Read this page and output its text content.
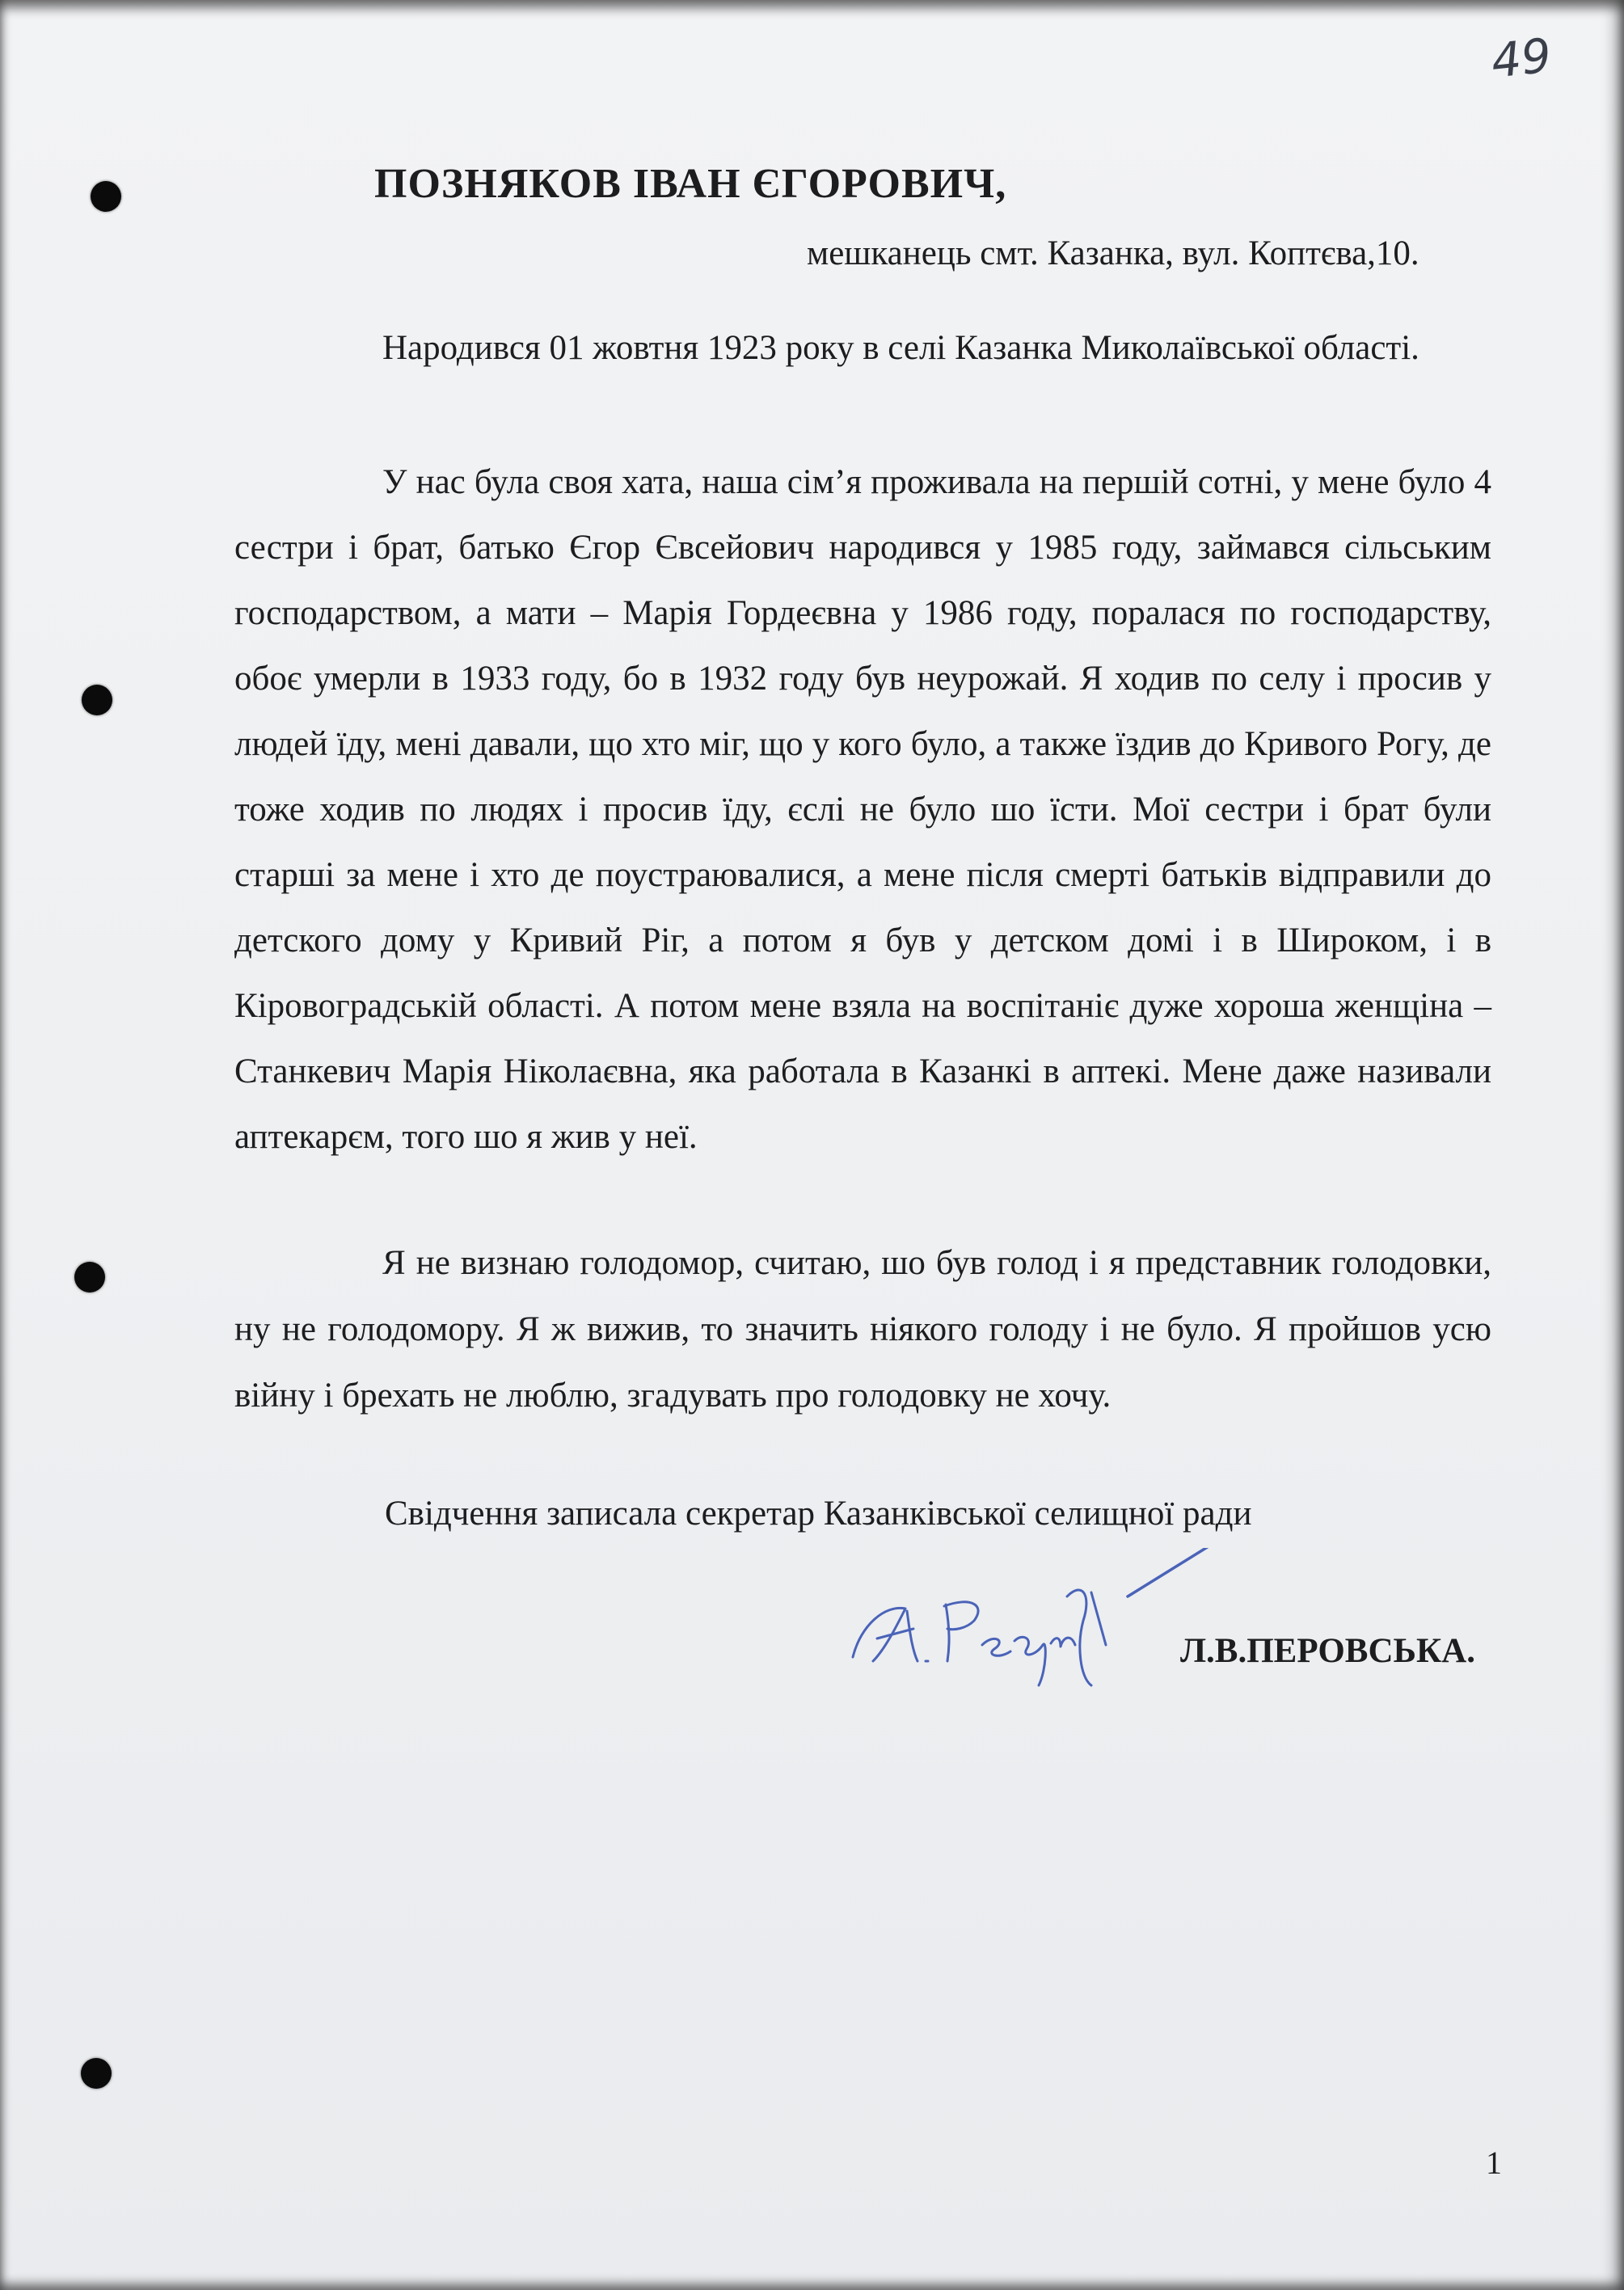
49
ПОЗНЯКОВ ІВАН ЄГОРОВИЧ,
мешканець смт. Казанка, вул. Коптєва,10.

Народився 01 жовтня 1923 року в селі Казанка Миколаївської області.

У нас була своя хата, наша сім’я проживала на першій сотні, у мене було 4 сестри і брат, батько Єгор Євсейович народився у 1985 году, займався сільським господарством, а мати – Марія Гордеєвна у 1986 году, поралася по господарству, обоє умерли в 1933 году, бо в 1932 году був неурожай. Я ходив по селу і просив у людей їду, мені давали, що хто міг, що у кого було, а также їздив до Кривого Рогу, де тоже ходив по людях і просив їду, єслі не було шо їсти. Мої сестри і брат були старші за мене і хто де поустраювалися, а мене після смерті батьків відправили до детского дому у Кривий Ріг, а потом я був у детском домі і в Широком, і в Кіровоградській області. А потом мене взяла на воспітаніє дуже хороша женщіна – Станкевич Марія Ніколаєвна, яка работала в Казанкі в аптекі. Мене даже називали аптекарєм, того шо я жив у неї.

Я не визнаю голодомор, считаю, шо був голод і я представник голодовки, ну не голодомору. Я ж вижив, то значить ніякого голоду і не було. Я пройшов усю війну і брехать не люблю, згадувать про голодовку не хочу.

Свідчення записала секретар Казанківської селищної ради
Л.В.ПЕРОВСЬКА.
1
